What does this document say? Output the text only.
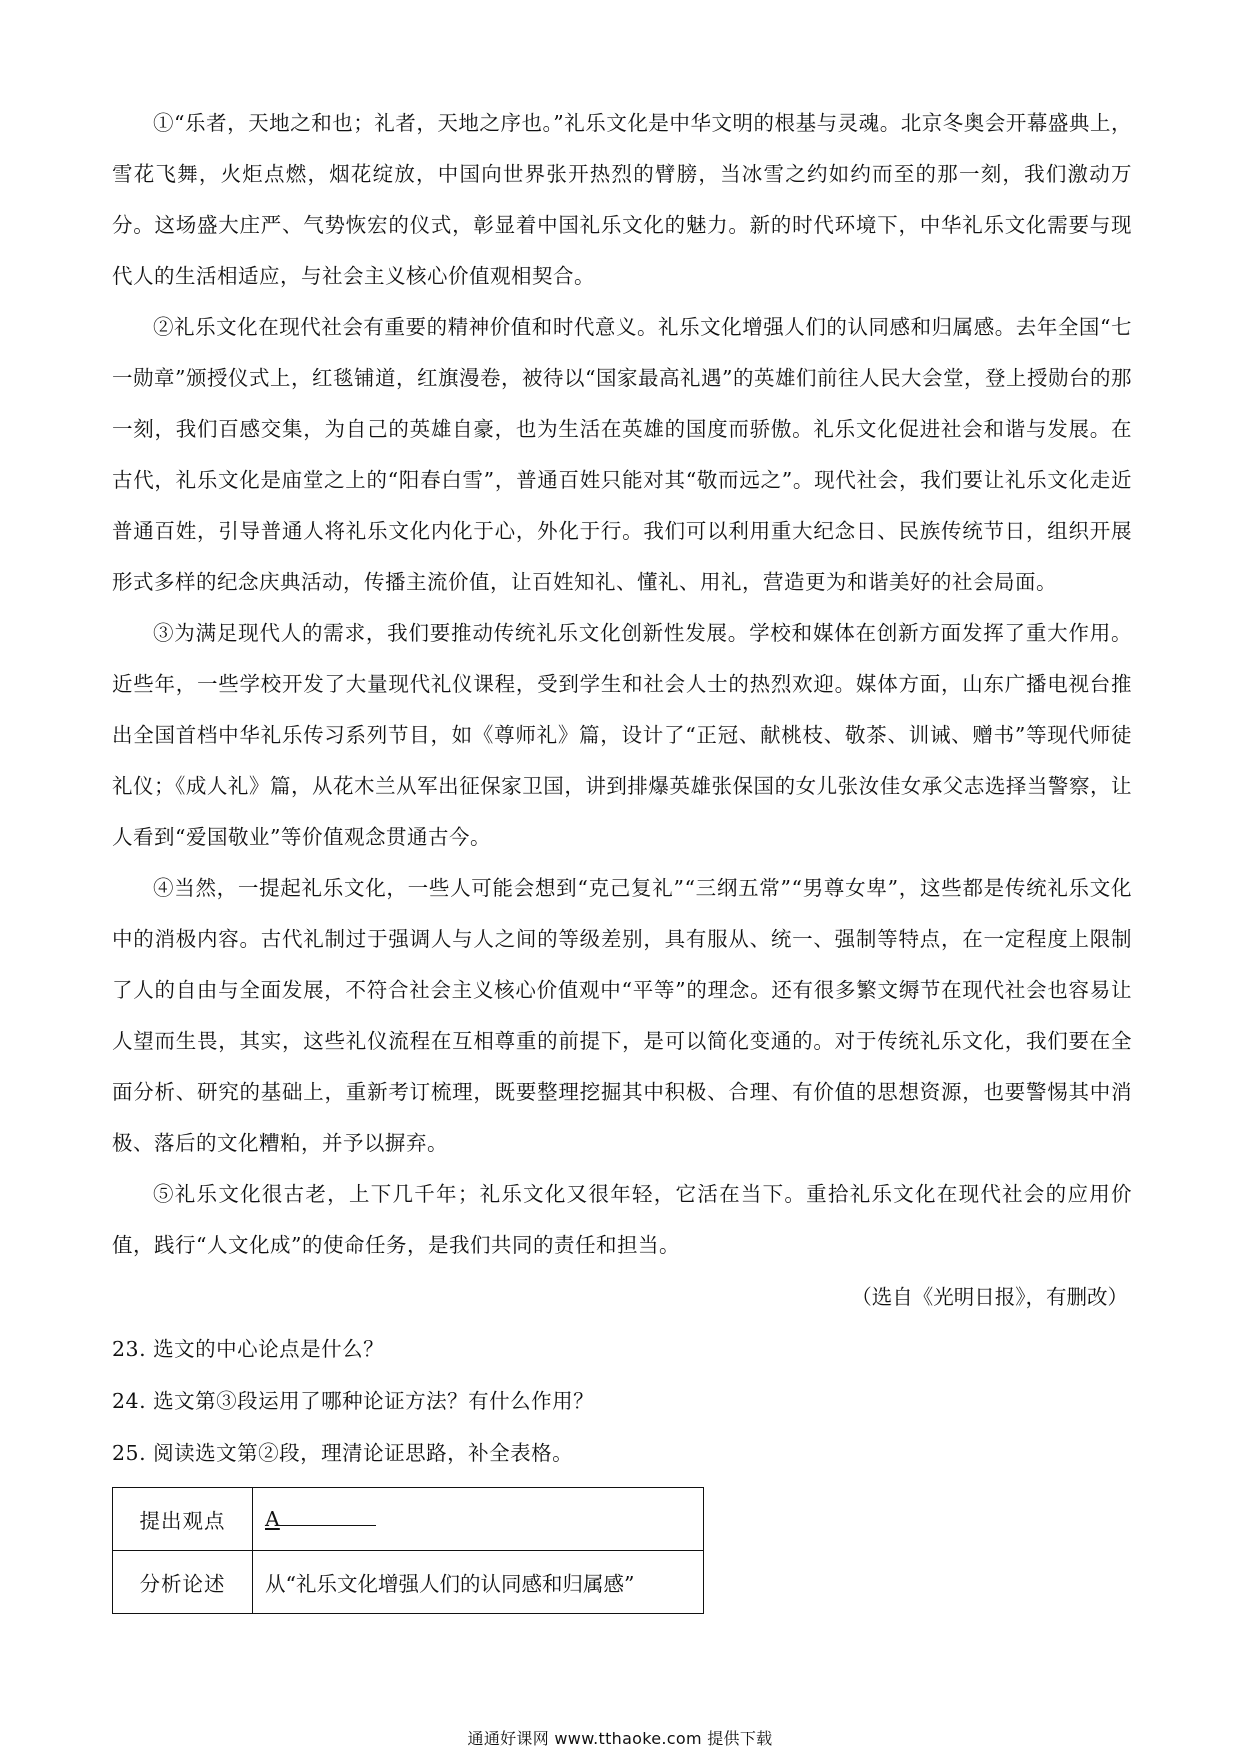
①“乐者，天地之和也；礼者，天地之序也。”礼乐文化是中华文明的根基与灵魂。北京冬奥会开幕盛典上，雪花飞舞，火炬点燃，烟花绽放，中国向世界张开热烈的臂膀，当冰雪之约如约而至的那一刻，我们激动万分。这场盛大庄严、气势恢宏的仪式，彰显着中国礼乐文化的魅力。新的时代环境下，中华礼乐文化需要与现代人的生活相适应，与社会主义核心价值观相契合。

②礼乐文化在现代社会有重要的精神价值和时代意义。礼乐文化增强人们的认同感和归属感。去年全国“七一勋章”颁授仪式上，红毯铺道，红旗漫卷，被待以“国家最高礼遇”的英雄们前往人民大会堂，登上授勋台的那一刻，我们百感交集，为自己的英雄自豪，也为生活在英雄的国度而骄傲。礼乐文化促进社会和谐与发展。在古代，礼乐文化是庙堂之上的“阳春白雪”，普通百姓只能对其“敬而远之”。现代社会，我们要让礼乐文化走近普通百姓，引导普通人将礼乐文化内化于心，外化于行。我们可以利用重大纪念日、民族传统节日，组织开展形式多样的纪念庆典活动，传播主流价值，让百姓知礼、懂礼、用礼，营造更为和谐美好的社会局面。

③为满足现代人的需求，我们要推动传统礼乐文化创新性发展。学校和媒体在创新方面发挥了重大作用。近些年，一些学校开发了大量现代礼仪课程，受到学生和社会人士的热烈欢迎。媒体方面，山东广播电视台推出全国首档中华礼乐传习系列节目，如《尊师礼》篇，设计了“正冠、献桃枝、敬茶、训诫、赠书”等现代师徒礼仪；《成人礼》篇，从花木兰从军出征保家卫国，讲到排爆英雄张保国的女儿张汝佳女承父志选择当警察，让人看到“爱国敬业”等价值观念贯通古今。

④当然，一提起礼乐文化，一些人可能会想到“克己复礼”“三纲五常”“男尊女卑”，这些都是传统礼乐文化中的消极内容。古代礼制过于强调人与人之间的等级差别，具有服从、统一、强制等特点，在一定程度上限制了人的自由与全面发展，不符合社会主义核心价值观中“平等”的理念。还有很多繁文缛节在现代社会也容易让人望而生畏，其实，这些礼仪流程在互相尊重的前提下，是可以简化变通的。对于传统礼乐文化，我们要在全面分析、研究的基础上，重新考订梳理，既要整理挖掘其中积极、合理、有价值的思想资源，也要警惕其中消极、落后的文化糟粕，并予以摒弃。

⑤礼乐文化很古老，上下几千年；礼乐文化又很年轻，它活在当下。重拾礼乐文化在现代社会的应用价值，践行“人文化成”的使命任务，是我们共同的责任和担当。

（选自《光明日报》，有删改）

23. 选文的中心论点是什么？

24. 选文第③段运用了哪种论证方法？有什么作用？

25. 阅读选文第②段，理清论证思路，补全表格。

提出观点	A
分析论述	从“礼乐文化增强人们的认同感和归属感”
通通好课网 www.tthaoke.com 提供下载
